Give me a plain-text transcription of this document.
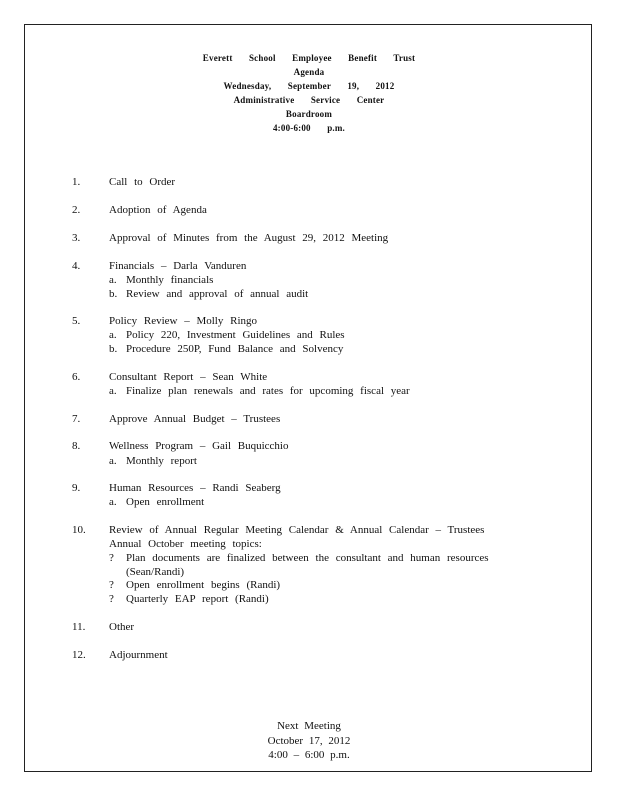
Everett School Employee Benefit Trust
Agenda
Wednesday, September 19, 2012
Administrative Service Center
Boardroom
4:00-6:00 p.m.
1.	Call to Order
2.	Adoption of Agenda
3.	Approval of Minutes from the August 29, 2012 Meeting
4.	Financials – Darla Vanduren
a. Monthly financials
b. Review and approval of annual audit
5.	Policy Review – Molly Ringo
a. Policy 220, Investment Guidelines and Rules
b. Procedure 250P, Fund Balance and Solvency
6.	Consultant Report – Sean White
a. Finalize plan renewals and rates for upcoming fiscal year
7.	Approve Annual Budget – Trustees
8.	Wellness Program – Gail Buquicchio
a. Monthly report
9.	Human Resources – Randi Seaberg
a. Open enrollment
10. Review of Annual Regular Meeting Calendar & Annual Calendar – Trustees
Annual October meeting topics:
? Plan documents are finalized between the consultant and human resources
(Sean/Randi)
? Open enrollment begins (Randi)
? Quarterly EAP report (Randi)
11. Other
12. Adjournment
Next Meeting
October 17, 2012
4:00 – 6:00 p.m.
